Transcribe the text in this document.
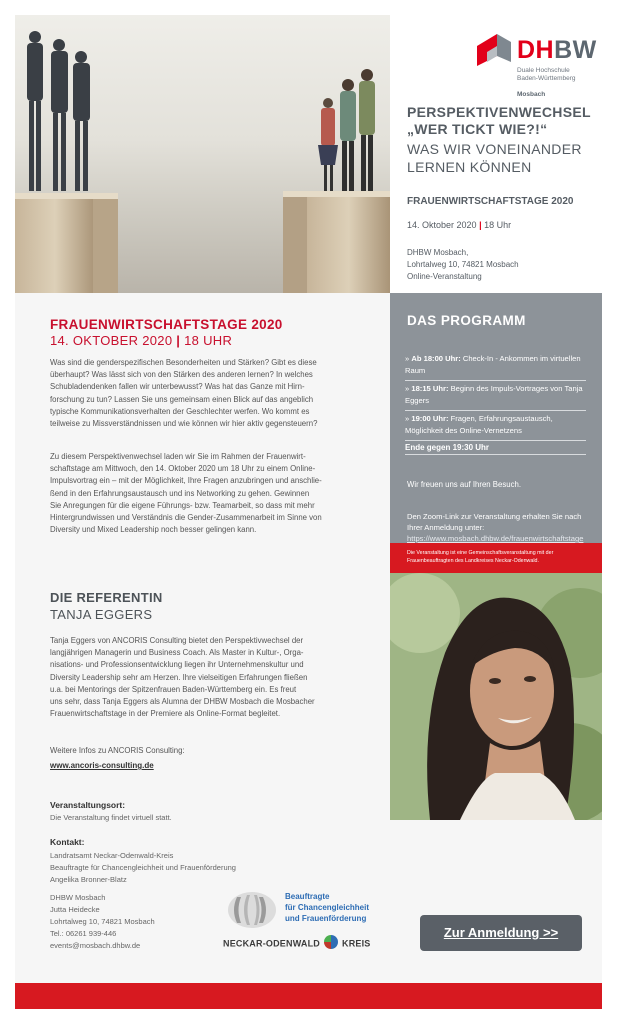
DHBW
Duale Hochschule
Baden-Württemberg
Mosbach
PERSPEKTIVENWECHSEL
„WER TICKT WIE?!“
WAS WIR VONEINANDER
LERNEN KÖNNEN
FRAUENWIRTSCHAFTSTAGE 2020
14. Oktober 2020 | 18 Uhr
DHBW Mosbach,
Lohrtalweg 10, 74821 Mosbach
Online-Veranstaltung
FRAUENWIRTSCHAFTSTAGE 2020
14. OKTOBER 2020 | 18 UHR
Was sind die genderspezifischen Besonderheiten und Stärken? Gibt es diese
überhaupt? Was lässt sich von den Stärken des anderen lernen? In welches
Schubladendenken fallen wir unterbewusst? Was hat das Ganze mit Hirn-
forschung zu tun? Lassen Sie uns gemeinsam einen Blick auf das angeblich
typische Kommunikationsverhalten der Geschlechter werfen. Wo kommt es
teilweise zu Missverständnissen und wie können wir hier aktiv gegensteuern?
Zu diesem Perspektivenwechsel laden wir Sie im Rahmen der Frauenwirt-
schaftstage am Mittwoch, den 14. Oktober 2020 um 18 Uhr zu einem Online-
Impulsvortrag ein – mit der Möglichkeit, Ihre Fragen anzubringen und anschlie-
ßend in den Erfahrungsaustausch und ins Networking zu gehen. Gewinnen
Sie Anregungen für die eigene Führungs- bzw. Teamarbeit, so dass mit mehr
Hintergrundwissen und Verständnis die Gender-Zusammenarbeit im Sinne von
Diversity und Mixed Leadership noch besser gelingen kann.
DIE REFERENTIN
TANJA EGGERS
Tanja Eggers von ANCORIS Consulting bietet den Perspektivwechsel der
langjährigen Managerin und Business Coach. Als Master in Kultur-, Orga-
nisations- und Professionsentwicklung liegen ihr Unternehmenskultur und
Diversity Leadership sehr am Herzen. Ihre vielseitigen Erfahrungen fließen
u.a. bei Mentorings der Spitzenfrauen Baden-Württemberg ein. Es freut
uns sehr, dass Tanja Eggers als Alumna der DHBW Mosbach die Mosbacher
Frauenwirtschaftstage in der Premiere als Online-Format begleitet.
Weitere Infos zu ANCORIS Consulting:
www.ancoris-consulting.de
Veranstaltungsort:
Die Veranstaltung findet virtuell statt.
Kontakt:
Landratsamt Neckar-Odenwald-Kreis
Beauftragte für Chancengleichheit und Frauenförderung
Angelika Bronner-Blatz
DHBW Mosbach
Jutta Heidecke
Lohrtalweg 10, 74821 Mosbach
Tel.: 06261 939-446
events@mosbach.dhbw.de
Beauftragte
für Chancengleichheit
und Frauenförderung
NECKAR-ODENWALD KREIS
Zur Anmeldung >>
DAS PROGRAMM
» Ab 18:00 Uhr: Check-In - Ankommen im virtuellen Raum
» 18:15 Uhr: Beginn des Impuls-Vortrages von Tanja Eggers
» 19:00 Uhr: Fragen, Erfahrungsaustausch, Möglichkeit des Online-Vernetzens
Ende gegen 19:30 Uhr
Wir freuen uns auf Ihren Besuch.
Den Zoom-Link zur Veranstaltung erhalten Sie nach Ihrer Anmeldung unter: https://www.mosbach.dhbw.de/frauenwirtschaftstage
Die Veranstaltung ist eine Gemeinschaftsveranstaltung mit der Frauenbeauftragten des Landkreises Neckar-Odenwald.
